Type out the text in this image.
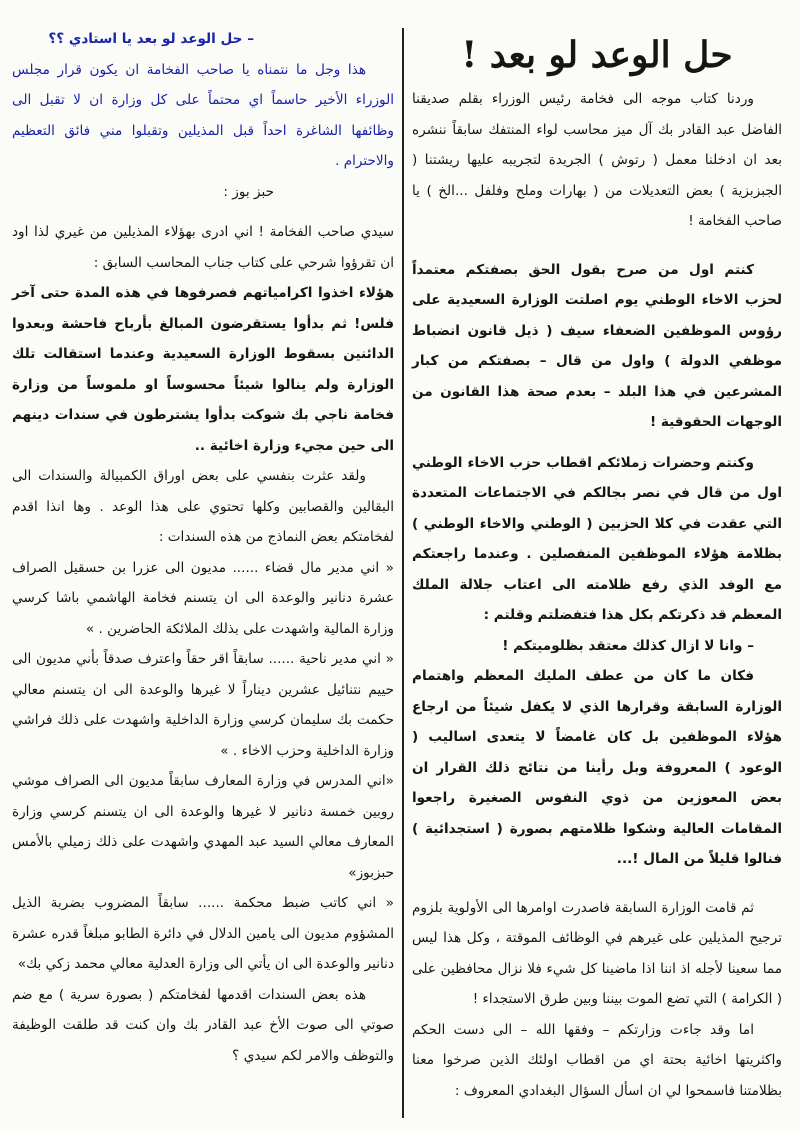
حل الوعد لو بعد !

وردنا كتاب موجه الى فخامة رئيس الوزراء بقلم صديقنا الفاضل عبد القادر بك آل ميز محاسب لواء المنتفك سابقاً ننشره بعد ان ادخلنا معمل ( رتوش ) الجريدة لتجريبه عليها ريشتنا ( الجبزبزية ) بعض التعديلات من ( بهارات وملح وفلفل ...الخ ) يا صاحب الفخامة !

كنتم اول من صرح بقول الحق بصفتكم معتمداً لحزب الاخاء الوطني يوم اصلتت الوزارة السعيدية على رؤوس الموظفين الضعفاء سيف ( ذيل قانون انضباط موظفي الدولة ) واول من قال – بصفتكم من كبار المشرعين في هذا البلد – بعدم صحة هذا القانون من الوجهات الحقوقية !

وكنتم وحضرات زملائكم اقطاب حزب الاخاء الوطني اول من قال في نصر بجالكم في الاجتماعات المتعددة التي عقدت في كلا الحزبين ( الوطني والاخاء الوطني ) بظلامة هؤلاء الموظفين المنفصلين . وعندما راجعتكم مع الوفد الذي رفع ظلامته الى اعتاب جلالة الملك المعظم قد ذكرتكم بكل هذا فتفضلتم وقلتم :

– وانا لا ازال كذلك معتقد بظلوميتكم !

فكان ما كان من عطف المليك المعظم واهتمام الوزارة السابقة وقرارها الذي لا يكفل شيئاً من ارجاع هؤلاء الموظفين بل كان غامضاً لا يتعدى اساليب ( الوعود ) المعروفة وبل رأينا من نتائج ذلك القرار ان بعض المعوزين من ذوي النفوس الصغيرة راجعوا المقامات العالية وشكوا ظلامتهم بصورة ( استجدائية ) فنالوا قليلاً من المال !...

ثم قامت الوزارة السابقة فاصدرت اوامرها الى الأولوية بلزوم ترجيح المذيلين على غيرهم في الوظائف الموقتة ، وكل هذا ليس مما سعينا لأجله اذ اننا اذا ماضينا كل شيء فلا نزال محافظين على ( الكرامة ) التي تضع الموت بيننا وبين طرق الاستجداء !

اما وقد جاءت وزارتكم – وفقها الله – الى دست الحكم واكثريتها اخائية بحتة اي من اقطاب اولئك الذين صرخوا معنا بظلامتنا فاسمحوا لي ان اسأل السؤال البغدادي المعروف :

– حل الوعد لو بعد يا استادي ؟؟

هذا وجل ما نتمناه يا صاحب الفخامة ان يكون قرار مجلس الوزراء الأخير حاسماً اي محتماً على كل وزارة ان لا تقبل الى وظائفها الشاغرة احداً قبل المذيلين وتقبلوا مني فائق التعظيم والاحترام .

حبز بوز :

سيدي صاحب الفخامة ! اني ادرى بهؤلاء المذيلين من غيري لذا اود ان تقرؤوا شرحي على كتاب جناب المحاسب السابق :

هؤلاء اخذوا اكرامياتهم فصرفوها في هذه المدة حتى آخر فلس! ثم بدأوا يستقرضون المبالغ بأرباح فاحشة وبعدوا الدائنين بسقوط الوزارة السعيدية وعندما استقالت تلك الوزارة ولم ينالوا شيئاً محسوساً او ملموساً من وزارة فخامة ناجي بك شوكت بدأوا يشترطون في سندات دينهم الى حين مجيء وزارة اخائية ..

ولقد عثرت بنفسي على بعض اوراق الكمبيالة والسندات الى البقالين والقصابين وكلها تحتوي على هذا الوعد . وها انذا اقدم لفخامتكم بعض النماذج من هذه السندات :

« اني مدير مال قضاء ...... مديون الى عزرا بن حسقيل الصراف عشرة دنانير والوعدة الى ان يتسنم فخامة الهاشمي باشا كرسي وزارة المالية واشهدت على بذلك الملائكة الحاضرين . »

« اني مدير ناحية ...... سابقاً اقر حقاً واعترف صدقاً بأني مديون الى حييم نتنائيل عشرين ديناراً لا غيرها والوعدة الى ان يتسنم معالي حكمت بك سليمان كرسي وزارة الداخلية واشهدت على ذلك فراشي وزارة الداخلية وحزب الاخاء . »

«اني المدرس في وزارة المعارف سابقاً مديون الى الصراف موشي روبين خمسة دنانير لا غيرها والوعدة الى ان يتسنم كرسي وزارة المعارف معالي السيد عبد المهدي واشهدت على ذلك زميلي بالأمس حبزبوز»

« اني كاتب ضبط محكمة ...... سابقاً المضروب بضربة الذيل المشؤوم مديون الى يامين الدلال في دائرة الطابو مبلغاً قدره عشرة دنانير والوعدة الى ان يأتي الى وزارة العدلية معالي محمد زكي بك»

هذه بعض السندات اقدمها لفخامتكم ( بصورة سرية ) مع ضم صوتي الى صوت الأخ عبد القادر بك وان كنت قد طلقت الوظيفة والتوظف والامر لكم سيدي ؟
